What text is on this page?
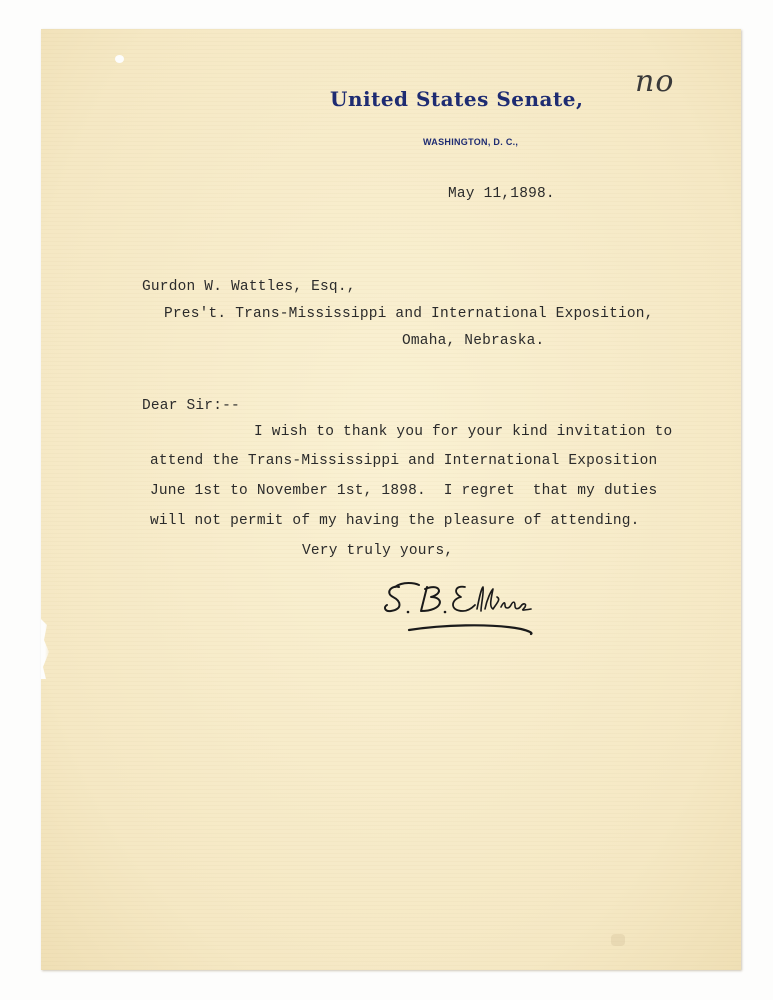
no
United States Senate,
WASHINGTON, D. C.,
May 11,1898.
Gurdon W. Wattles, Esq.,
Pres't. Trans-Mississippi and International Exposition,
Omaha, Nebraska.
Dear Sir:--
I wish to thank you for your kind invitation to
attend the Trans-Mississippi and International Exposition
June 1st to November 1st, 1898.  I regret  that my duties
will not permit of my having the pleasure of attending.
Very truly yours,
